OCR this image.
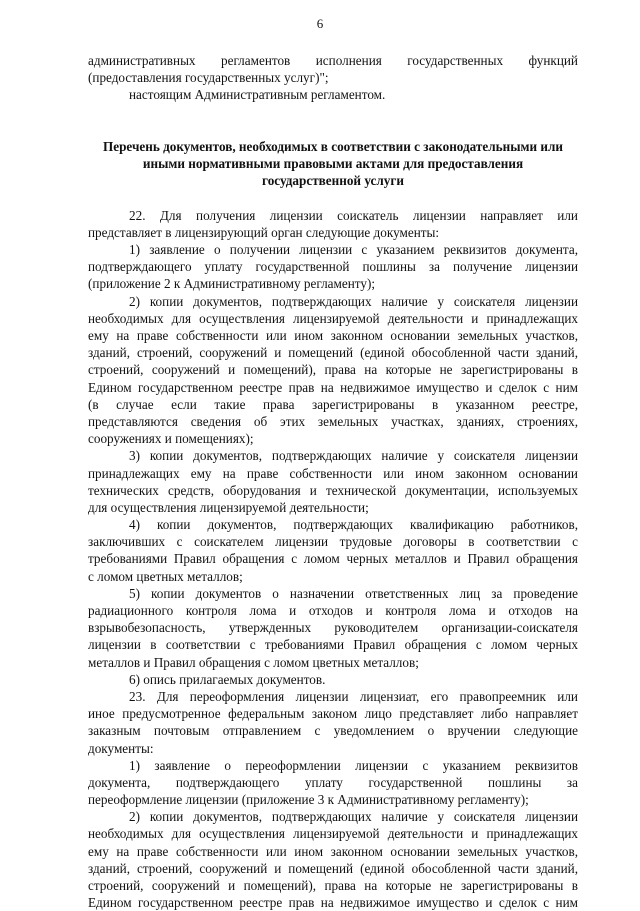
6
административных регламентов исполнения государственных функций
(предоставления государственных услуг)";
настоящим Административным регламентом.
Перечень документов, необходимых в соответствии с законодательными или
иными нормативными правовыми актами для предоставления
государственной услуги
22. Для получения лицензии соискатель лицензии направляет или
представляет в лицензирующий орган следующие документы:
1) заявление о получении лицензии с указанием реквизитов документа,
подтверждающего уплату государственной пошлины за получение лицензии
(приложение 2 к Административному регламенту);
2) копии документов, подтверждающих наличие у соискателя лицензии
необходимых для осуществления лицензируемой деятельности и принадлежащих
ему на праве собственности или ином законном основании земельных участков,
зданий, строений, сооружений и помещений (единой обособленной части зданий,
строений, сооружений и помещений), права на которые не зарегистрированы в
Едином государственном реестре прав на недвижимое имущество и сделок с ним
(в случае если такие права зарегистрированы в указанном реестре,
представляются сведения об этих земельных участках, зданиях, строениях,
сооружениях и помещениях);
3) копии документов, подтверждающих наличие у соискателя лицензии
принадлежащих ему на праве собственности или ином законном основании
технических средств, оборудования и технической документации, используемых
для осуществления лицензируемой деятельности;
4) копии документов, подтверждающих квалификацию работников,
заключивших с соискателем лицензии трудовые договоры в соответствии с
требованиями Правил обращения с ломом черных металлов и Правил обращения
с ломом цветных металлов;
5) копии документов о назначении ответственных лиц за проведение
радиационного контроля лома и отходов и контроля лома и отходов на
взрывобезопасность, утвержденных руководителем организации-соискателя
лицензии в соответствии с требованиями Правил обращения с ломом черных
металлов и Правил обращения с ломом цветных металлов;
6) опись прилагаемых документов.
23. Для переоформления лицензии лицензиат, его правопреемник или
иное предусмотренное федеральным законом лицо представляет либо направляет
заказным почтовым отправлением с уведомлением о вручении следующие
документы:
1) заявление о переоформлении лицензии с указанием реквизитов
документа, подтверждающего уплату государственной пошлины за
переоформление лицензии (приложение 3 к Административному регламенту);
2) копии документов, подтверждающих наличие у соискателя лицензии
необходимых для осуществления лицензируемой деятельности и принадлежащих
ему на праве собственности или ином законном основании земельных участков,
зданий, строений, сооружений и помещений (единой обособленной части зданий,
строений, сооружений и помещений), права на которые не зарегистрированы в
Едином государственном реестре прав на недвижимое имущество и сделок с ним
